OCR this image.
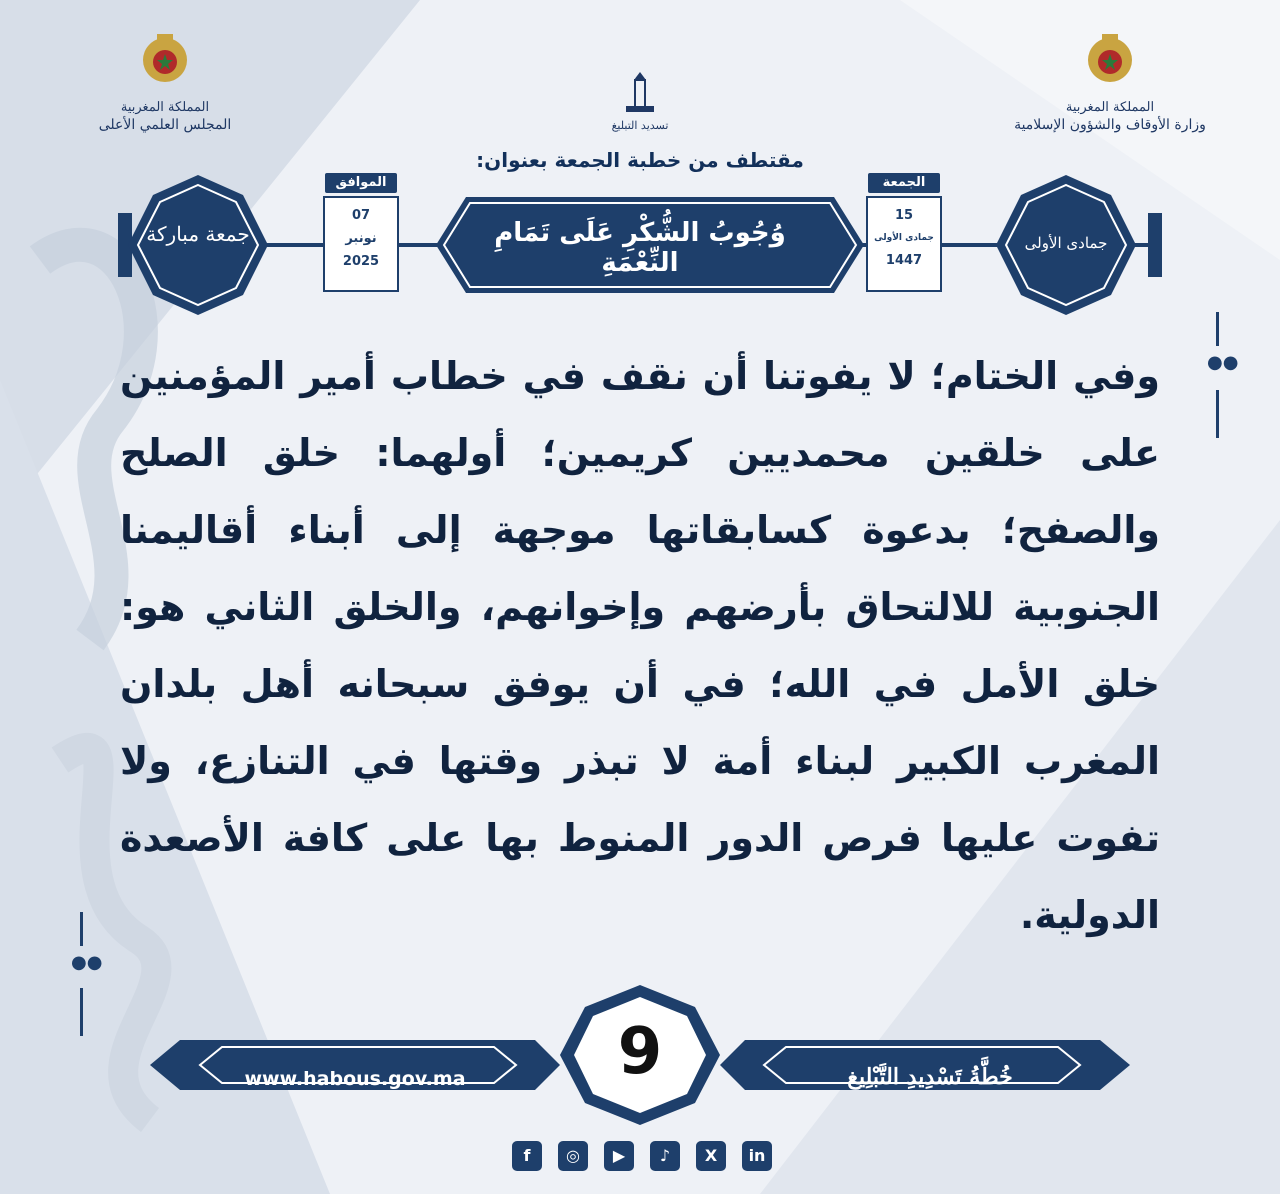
المملكة المغربية
المجلس العلمي الأعلى	تسديد التبليغ
المملكة المغربية
وزارة الأوقاف والشؤون الإسلامية
مقتطف من خطبة الجمعة بعنوان:
جمعة مباركة	جمادى الأولى
وُجُوبُ الشُّكْرِ عَلَى تَمَامِ النِّعْمَةِ
الموافق
07
نونبر
2025
الجمعة
15
جمادى الأولى
1447
●●
●●
وفي الختام؛ لا يفوتنا أن نقف في خطاب أمير المؤمنين على خلقين محمديين كريمين؛ أولهما: خلق الصلح والصفح؛ بدعوة كسابقاتها موجهة إلى أبناء أقاليمنا الجنوبية للالتحاق بأرضهم وإخوانهم، والخلق الثاني هو: خلق الأمل في الله؛ في أن يوفق سبحانه أهل بلدان المغرب الكبير لبناء أمة لا تبذر وقتها في التنازع، ولا تفوت عليها فرص الدور المنوط بها على كافة الأصعدة الدولية.
www.habous.gov.ma	خُطَّةُ تَسْدِيدِ التَّبْلِيغ
9
f	◎	▶	♪	X	in
